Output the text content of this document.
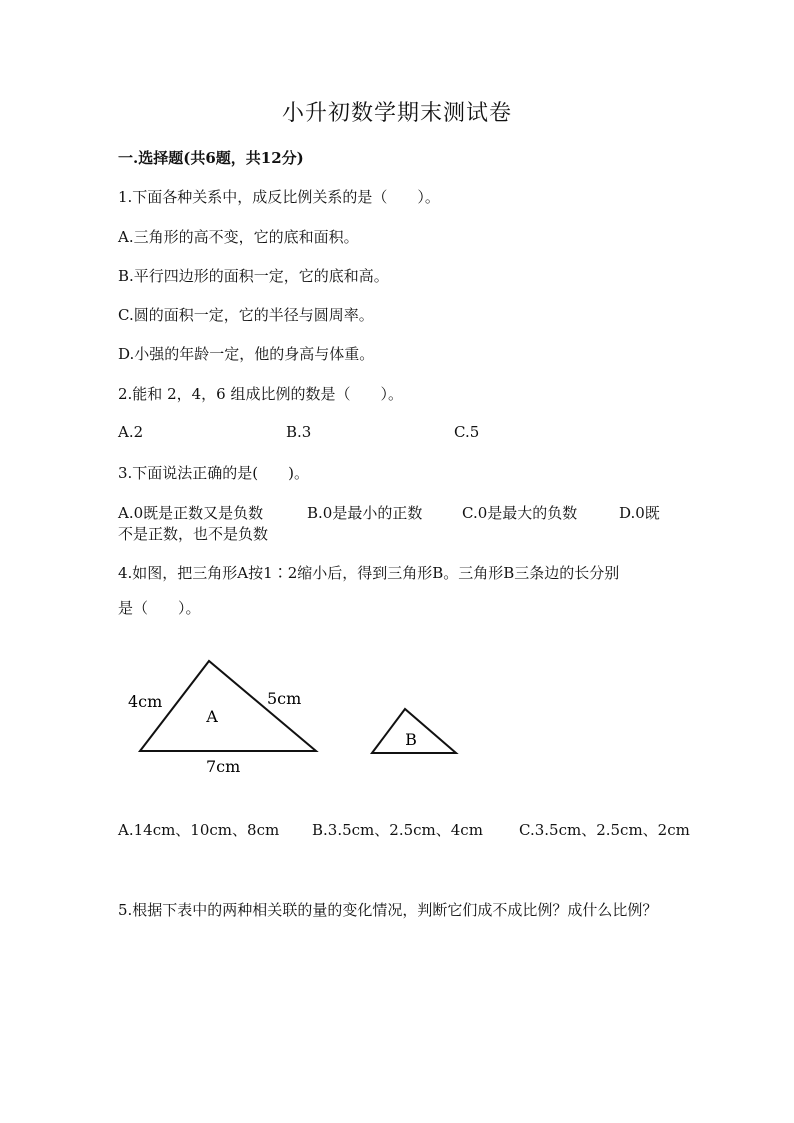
小升初数学期末测试卷
一.选择题(共6题，共12分)
1.下面各种关系中，成反比例关系的是（　　）。
A.三角形的高不变，它的底和面积。
B.平行四边形的面积一定，它的底和高。
C.圆的面积一定，它的半径与圆周率。
D.小强的年龄一定，他的身高与体重。
2.能和 2，4，6 组成比例的数是（　　）。
A.2	B.3	C.5
3.下面说法正确的是(　　)。
A.0既是正数又是负数	B.0是最小的正数	C.0是最大的负数	D.0既
不是正数，也不是负数
4.如图，把三角形A按1∶2缩小后，得到三角形B。三角形B三条边的长分别
是（　　）。
A
B
4cm	5cm
7cm
A.14cm、10cm、8cm B.3.5cm、2.5cm、4cm C.3.5cm、2.5cm、2cm
5.根据下表中的两种相关联的量的变化情况，判断它们成不成比例？成什么比例？
